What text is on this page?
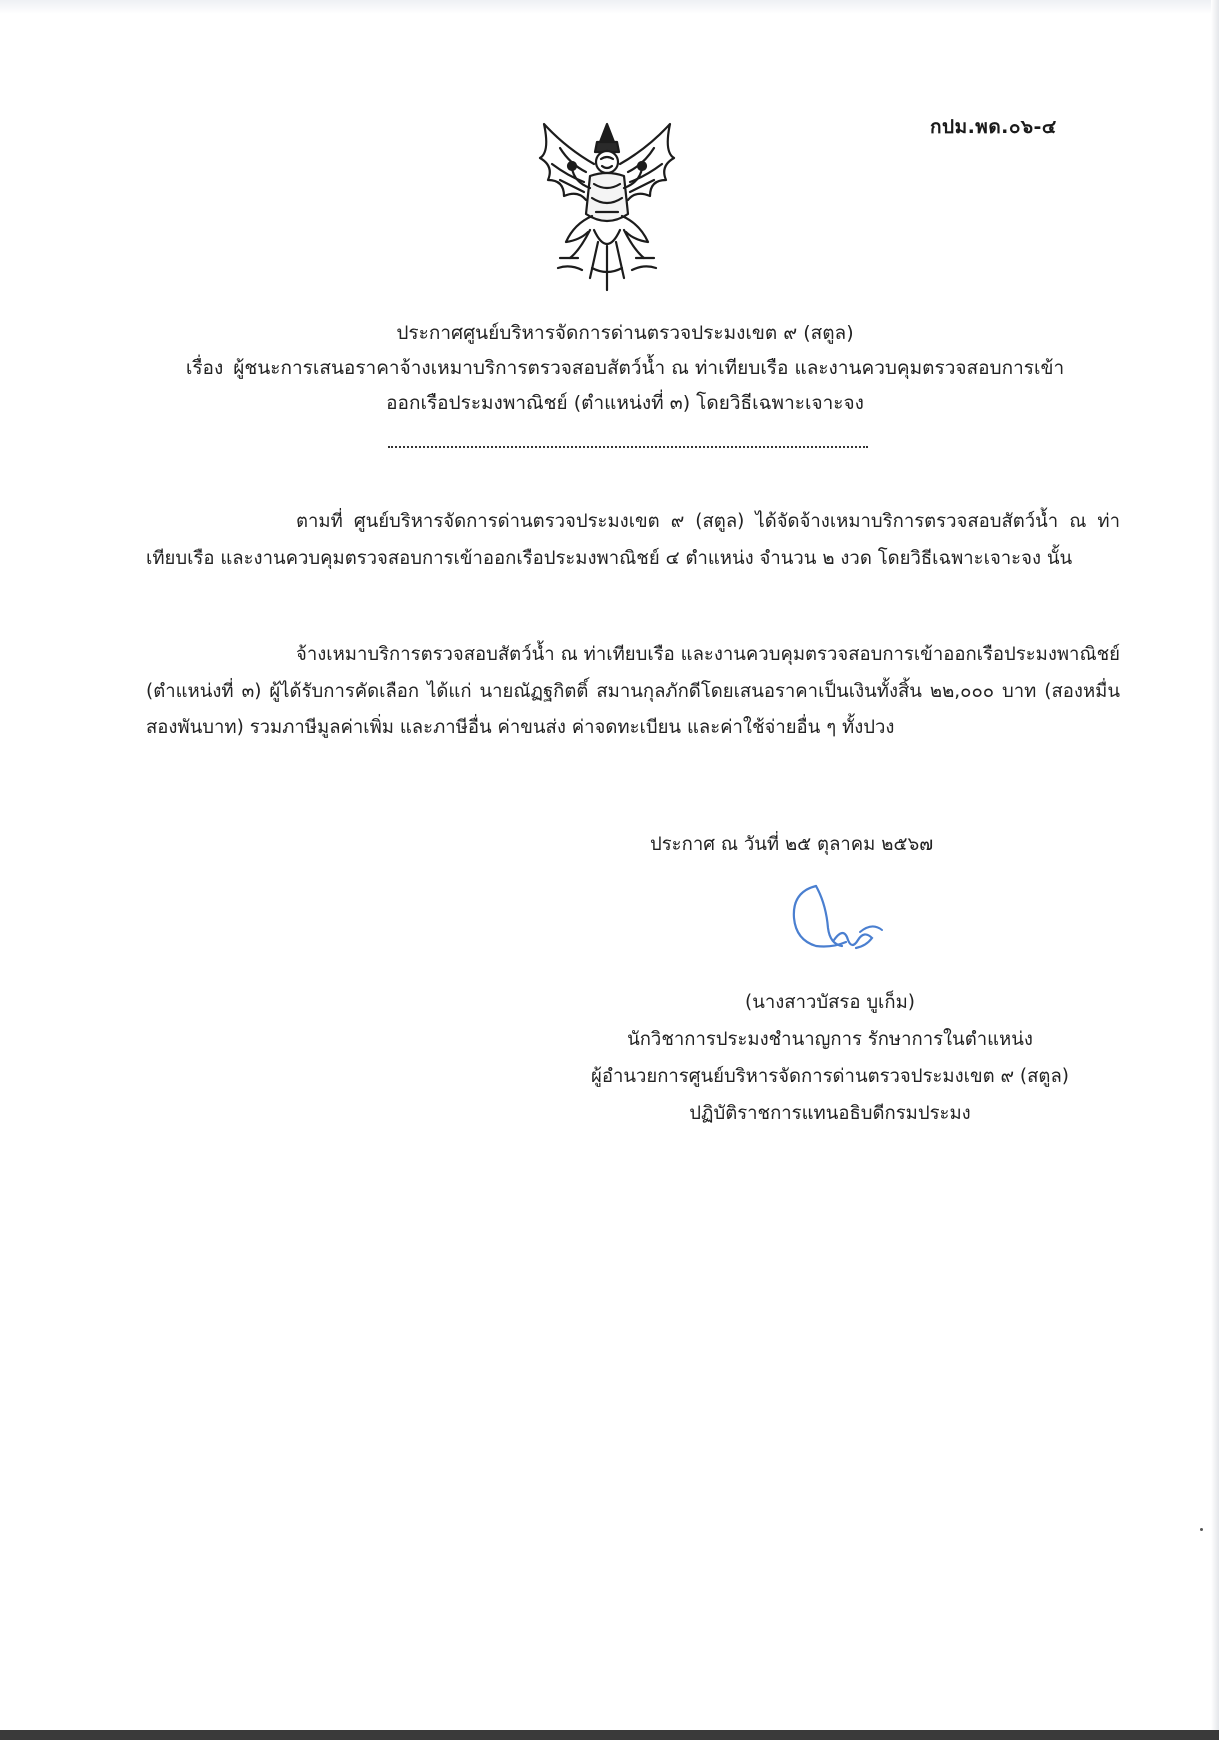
กปม.พด.๐๖-๔
ประกาศศูนย์บริหารจัดการด่านตรวจประมงเขต ๙ (สตูล)
เรื่อง ผู้ชนะการเสนอราคาจ้างเหมาบริการตรวจสอบสัตว์น้ำ ณ ท่าเทียบเรือ และงานควบคุมตรวจสอบการเข้า
ออกเรือประมงพาณิชย์ (ตำแหน่งที่ ๓) โดยวิธีเฉพาะเจาะจง
ตามที่ ศูนย์บริหารจัดการด่านตรวจประมงเขต ๙ (สตูล) ได้จัดจ้างเหมาบริการตรวจสอบสัตว์น้ำ ณ ท่าเทียบเรือ และงานควบคุมตรวจสอบการเข้าออกเรือประมงพาณิชย์ ๔ ตำแหน่ง จำนวน ๒ งวด โดยวิธีเฉพาะเจาะจง นั้น
จ้างเหมาบริการตรวจสอบสัตว์น้ำ ณ ท่าเทียบเรือ และงานควบคุมตรวจสอบการเข้าออกเรือประมงพาณิชย์ (ตำแหน่งที่ ๓) ผู้ได้รับการคัดเลือก ได้แก่ นายณัฏฐกิตติ์ สมานกุลภักดีโดยเสนอราคาเป็นเงินทั้งสิ้น ๒๒,๐๐๐ บาท (สองหมื่นสองพันบาท) รวมภาษีมูลค่าเพิ่ม และภาษีอื่น ค่าขนส่ง ค่าจดทะเบียน และค่าใช้จ่ายอื่น ๆ ทั้งปวง
ประกาศ ณ วันที่ ๒๕ ตุลาคม ๒๕๖๗
(นางสาวบัสรอ บูเก็ม)
นักวิชาการประมงชำนาญการ รักษาการในตำแหน่ง
ผู้อำนวยการศูนย์บริหารจัดการด่านตรวจประมงเขต ๙ (สตูล)
ปฏิบัติราชการแทนอธิบดีกรมประมง
